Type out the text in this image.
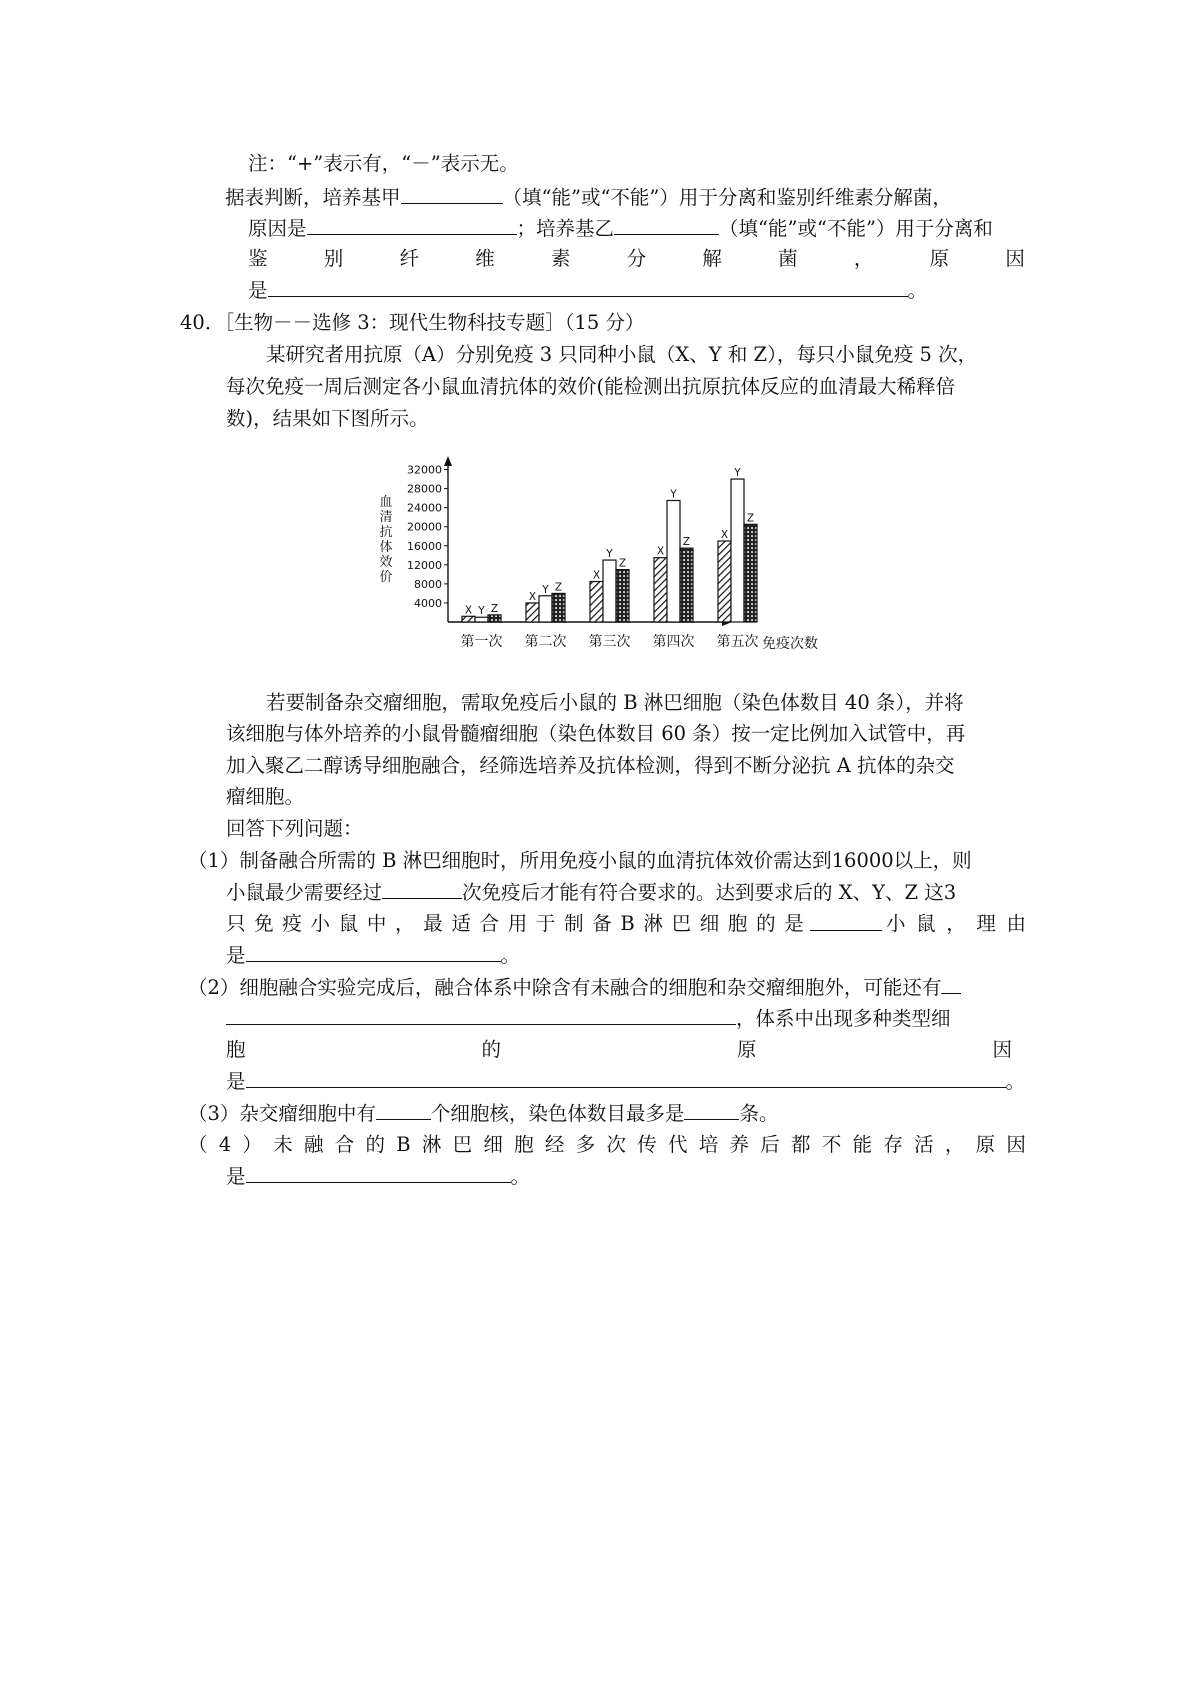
注：“+”表示有，“－”表示无。
据表判断，培养基甲	（填“能”或“不能”）用于分离和鉴别纤维素分解菌，
原因是	；培养基乙	（填“能”或“不能”）用于分离和
鉴	别	纤	维	素	分	解	菌	，	原	因
是	。
40．［生物－－选修 3：现代生物科技专题］（15 分）
某研究者用抗原（A）分别免疫 3 只同种小鼠（X、Y 和 Z），每只小鼠免疫 5 次，
每次免疫一周后测定各小鼠血清抗体的效价(能检测出抗原抗体反应的血清最大稀释倍
数)，结果如下图所示。
4000
8000
12000
16000
20000
24000
28000
32000
血
清
抗
体
效
价
免疫次数
X Y Z
第一次
X
Y Z
第二次
X
Y
Z
第三次
X
Y
Z
第四次
X
Y
Z
第五次
若要制备杂交瘤细胞，需取免疫后小鼠的 B 淋巴细胞（染色体数目 40 条），并将
该细胞与体外培养的小鼠骨髓瘤细胞（染色体数目 60 条）按一定比例加入试管中，再
加入聚乙二醇诱导细胞融合，经筛选培养及抗体检测，得到不断分泌抗 A 抗体的杂交
瘤细胞。
回答下列问题：
（1）制备融合所需的 B 淋巴细胞时，所用免疫小鼠的血清抗体效价需达到16000以上，则
小鼠最少需要经过	次免疫后才能有符合要求的。达到要求后的 X、Y、Z 这3
只 免 疫 小 鼠 中 ， 最 适 合 用 于 制 备 B 淋 巴 细 胞 的 是	小 鼠 ， 理 由
是	。
（2）细胞融合实验完成后，融合体系中除含有未融合的细胞和杂交瘤细胞外，可能还有
，体系中出现多种类型细
胞	的	原	因
是	。
（3）杂交瘤细胞中有	个细胞核，染色体数目最多是	条。
（ 4 ） 未 融 合 的 B 淋 巴 细 胞 经 多 次 传 代 培 养 后 都 不 能 存 活 ， 原 因
是	。
